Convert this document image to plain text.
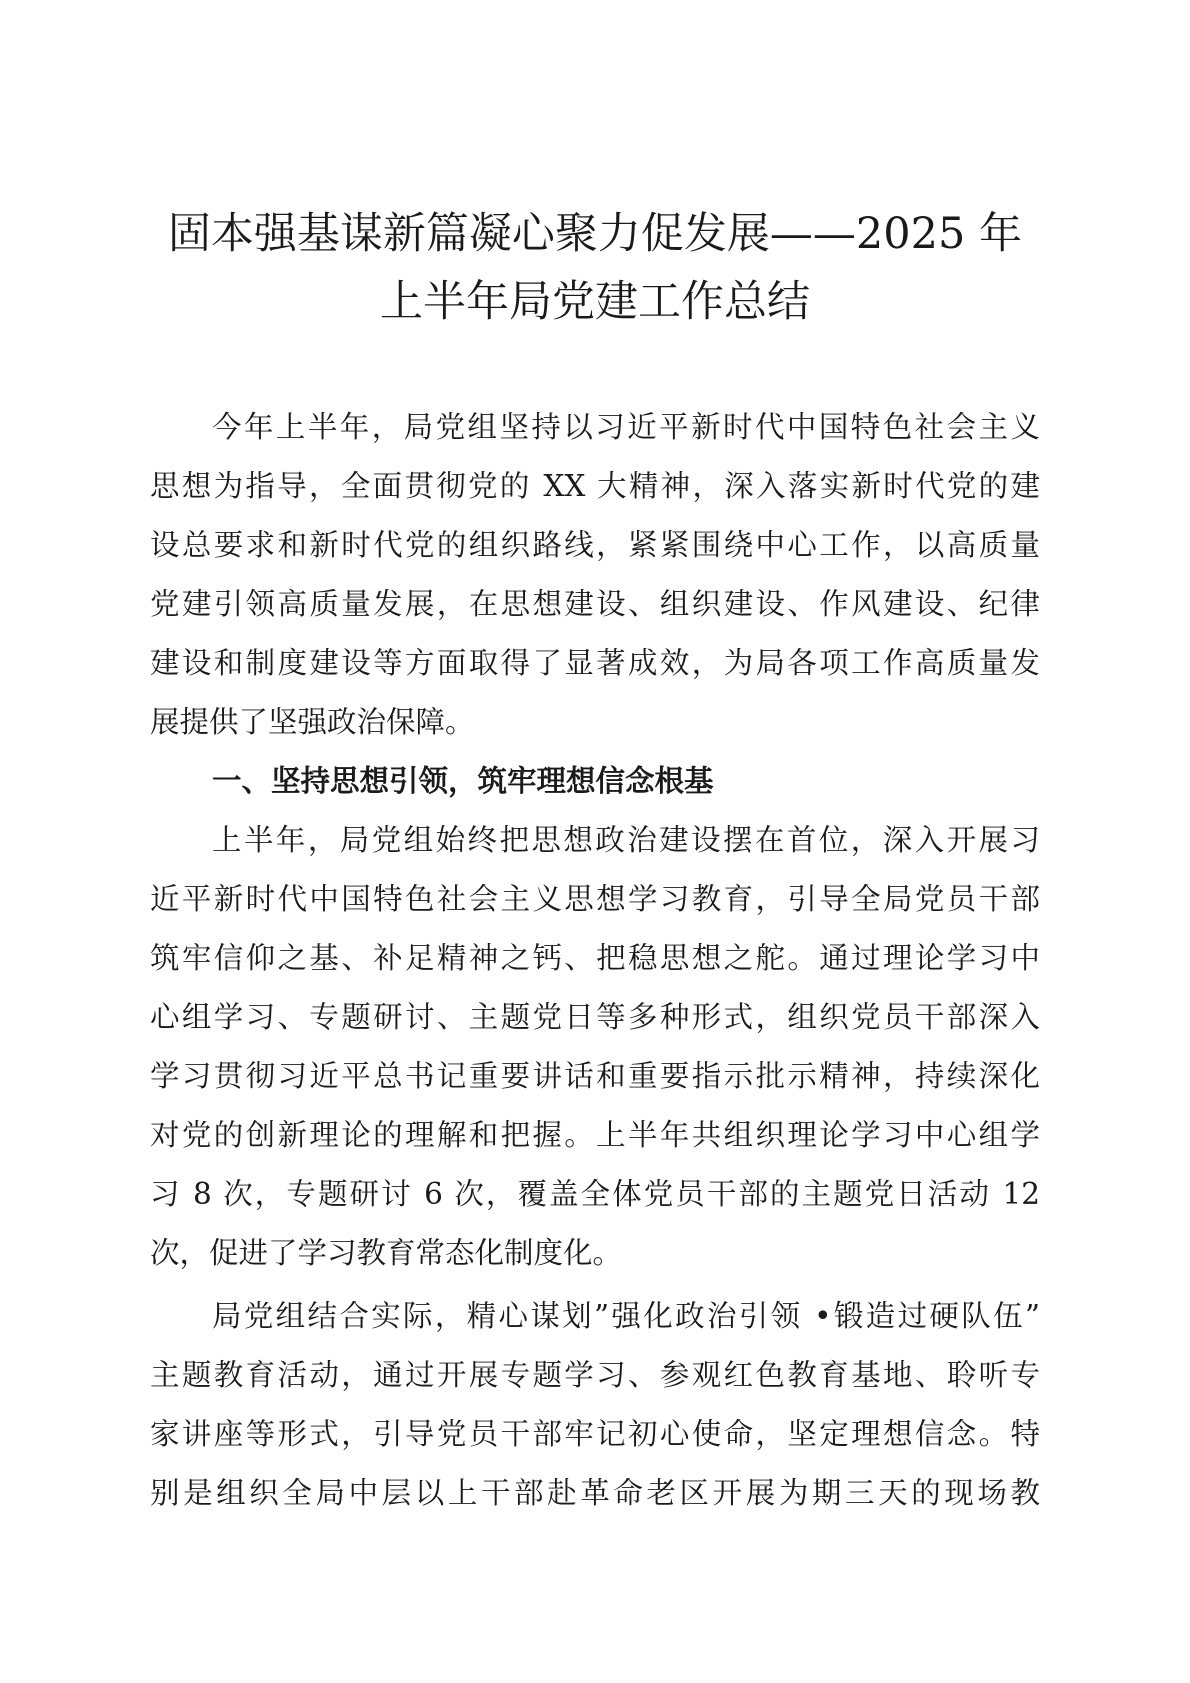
固本强基谋新篇凝心聚力促发展——2025 年
上半年局党建工作总结
今年上半年，局党组坚持以习近平新时代中国特色社会主义
思想为指导，全面贯彻党的 XX 大精神，深入落实新时代党的建
设总要求和新时代党的组织路线，紧紧围绕中心工作，以高质量
党建引领高质量发展，在思想建设、组织建设、作风建设、纪律
建设和制度建设等方面取得了显著成效，为局各项工作高质量发
展提供了坚强政治保障。
一、坚持思想引领，筑牢理想信念根基
上半年，局党组始终把思想政治建设摆在首位，深入开展习
近平新时代中国特色社会主义思想学习教育，引导全局党员干部
筑牢信仰之基、补足精神之钙、把稳思想之舵。通过理论学习中
心组学习、专题研讨、主题党日等多种形式，组织党员干部深入
学习贯彻习近平总书记重要讲话和重要指示批示精神，持续深化
对党的创新理论的理解和把握。上半年共组织理论学习中心组学
习 8 次，专题研讨 6 次，覆盖全体党员干部的主题党日活动 12
次，促进了学习教育常态化制度化。
局党组结合实际，精心谋划”强化政治引领 •锻造过硬队伍”
主题教育活动，通过开展专题学习、参观红色教育基地、聆听专
家讲座等形式，引导党员干部牢记初心使命，坚定理想信念。特
别是组织全局中层以上干部赴革命老区开展为期三天的现场教
